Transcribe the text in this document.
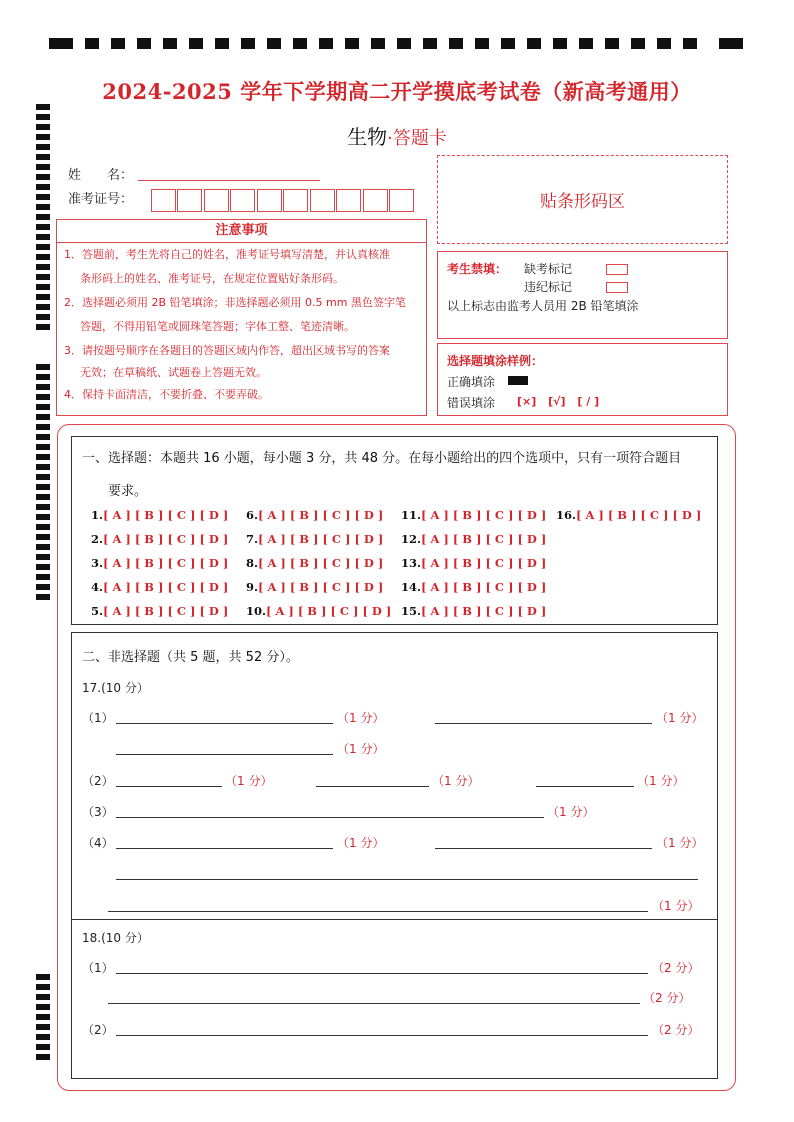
2024-2025 学年下学期高二开学摸底考试卷（新高考通用）
生物·答题卡
姓　　名：
准考证号：	贴条形码区
注意事项
1．答题前，考生先将自己的姓名，准考证号填写清楚，并认真核准
条形码上的姓名、准考证号，在规定位置贴好条形码。
2．选择题必须用 2B 铅笔填涂；非选择题必须用 0.5 mm 黑色签字笔
答题，不得用铅笔或圆珠笔答题；字体工整、笔迹清晰。
3．请按题号顺序在各题目的答题区域内作答，超出区域书写的答案
无效；在草稿纸、试题卷上答题无效。
4．保持卡面清洁，不要折叠、不要弄破。
考生禁填： 缺考标记
违纪标记
以上标志由监考人员用 2B 铅笔填涂
选择题填涂样例：
正确填涂
错误填涂 [×] [√] [ / ]
一、选择题：本题共 16 小题，每小题 3 分，共 48 分。在每小题给出的四个选项中，只有一项符合题目
要求。
1.[ A ] [ B ] [ C ] [ D ]
2.[ A ] [ B ] [ C ] [ D ]
3.[ A ] [ B ] [ C ] [ D ]
4.[ A ] [ B ] [ C ] [ D ]
5.[ A ] [ B ] [ C ] [ D ]
6.[ A ] [ B ] [ C ] [ D ]
7.[ A ] [ B ] [ C ] [ D ]
8.[ A ] [ B ] [ C ] [ D ]
9.[ A ] [ B ] [ C ] [ D ]
10.[ A ] [ B ] [ C ] [ D ]
11.[ A ] [ B ] [ C ] [ D ]
12.[ A ] [ B ] [ C ] [ D ]
13.[ A ] [ B ] [ C ] [ D ]
14.[ A ] [ B ] [ C ] [ D ]
15.[ A ] [ B ] [ C ] [ D ]
16.[ A ] [ B ] [ C ] [ D ]
二、非选择题（共 5 题，共 52 分）。
17.(10 分）
（1）	（1 分）	（1 分）
（1 分）
（2）	（1 分）	（1 分）	（1 分）
（3）	（1 分）
（4）	（1 分）	（1 分）
（1 分）
18.(10 分）
（1）	（2 分）
（2 分）
（2）	（2 分）
